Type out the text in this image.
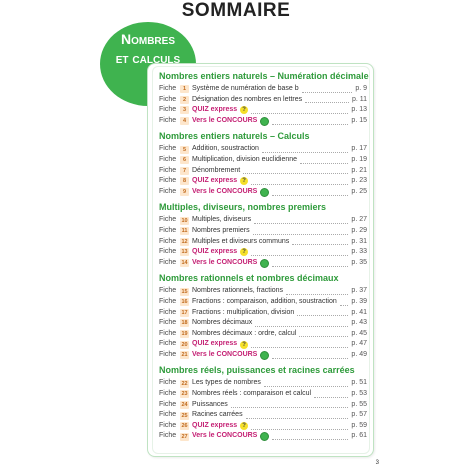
SOMMAIRE
Nombres
et calculs
Nombres entiers naturels – Numération décimale
Fiche	1 Système de numération de base b	p. 9
Fiche	2 Désignation des nombres en lettres	p. 11
Fiche	3 QUIZ express ?	p. 13
Fiche	4 Vers le CONCOURS	p. 15
Nombres entiers naturels – Calculs
Fiche	5 Addition, soustraction	p. 17
Fiche	6 Multiplication, division euclidienne	p. 19
Fiche	7 Dénombrement	p. 21
Fiche	8 QUIZ express ?	p. 23
Fiche	9 Vers le CONCOURS	p. 25
Multiples, diviseurs, nombres premiers
Fiche 10 Multiples, diviseurs	p. 27
Fiche 11 Nombres premiers	p. 29
Fiche 12 Multiples et diviseurs communs	p. 31
Fiche 13 QUIZ express ?	p. 33
Fiche 14 Vers le CONCOURS	p. 35
Nombres rationnels et nombres décimaux
Fiche 15 Nombres rationnels, fractions	p. 37
Fiche 16 Fractions : comparaison, addition, soustraction p. 39
Fiche 17 Fractions : multiplication, division	p. 41
Fiche 18 Nombres décimaux	p. 43
Fiche 19 Nombres décimaux : ordre, calcul	p. 45
Fiche 20 QUIZ express ?	p. 47
Fiche 21 Vers le CONCOURS	p. 49
Nombres réels, puissances et racines carrées
Fiche 22 Les types de nombres	p. 51
Fiche 23 Nombres réels : comparaison et calcul	p. 53
Fiche 24 Puissances	p. 55
Fiche 25 Racines carrées	p. 57
Fiche 26 QUIZ express ?	p. 59
Fiche 27 Vers le CONCOURS	p. 61
3
